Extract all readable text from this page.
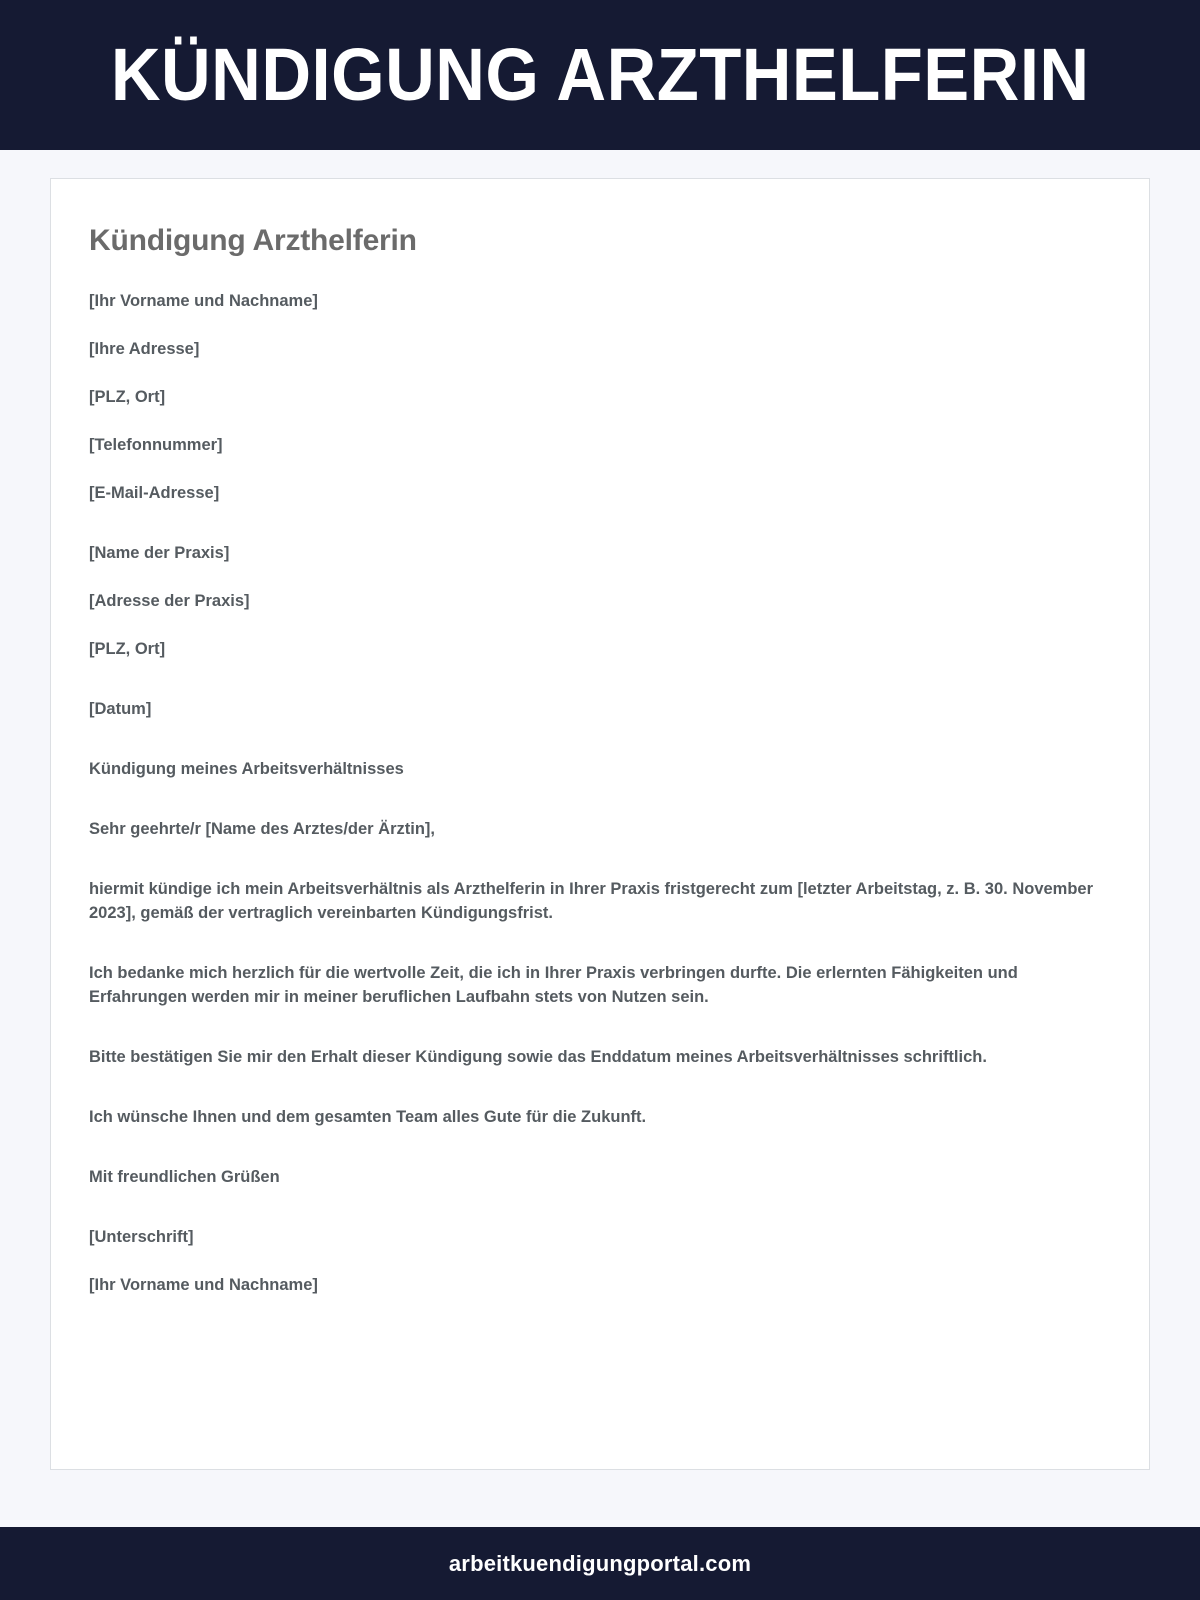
KÜNDIGUNG ARZTHELFERIN
Kündigung Arzthelferin

[Ihr Vorname und Nachname]

[Ihre Adresse]

[PLZ, Ort]

[Telefonnummer]

[E-Mail-Adresse]

[Name der Praxis]

[Adresse der Praxis]

[PLZ, Ort]

[Datum]

Kündigung meines Arbeitsverhältnisses

Sehr geehrte/r [Name des Arztes/der Ärztin],

hiermit kündige ich mein Arbeitsverhältnis als Arzthelferin in Ihrer Praxis fristgerecht zum [letzter Arbeitstag, z. B. 30. November 2023], gemäß der vertraglich vereinbarten Kündigungsfrist.

Ich bedanke mich herzlich für die wertvolle Zeit, die ich in Ihrer Praxis verbringen durfte. Die erlernten Fähigkeiten und Erfahrungen werden mir in meiner beruflichen Laufbahn stets von Nutzen sein.

Bitte bestätigen Sie mir den Erhalt dieser Kündigung sowie das Enddatum meines Arbeitsverhältnisses schriftlich.

Ich wünsche Ihnen und dem gesamten Team alles Gute für die Zukunft.

Mit freundlichen Grüßen

[Unterschrift]

[Ihr Vorname und Nachname]

arbeitkuendigungportal.com
